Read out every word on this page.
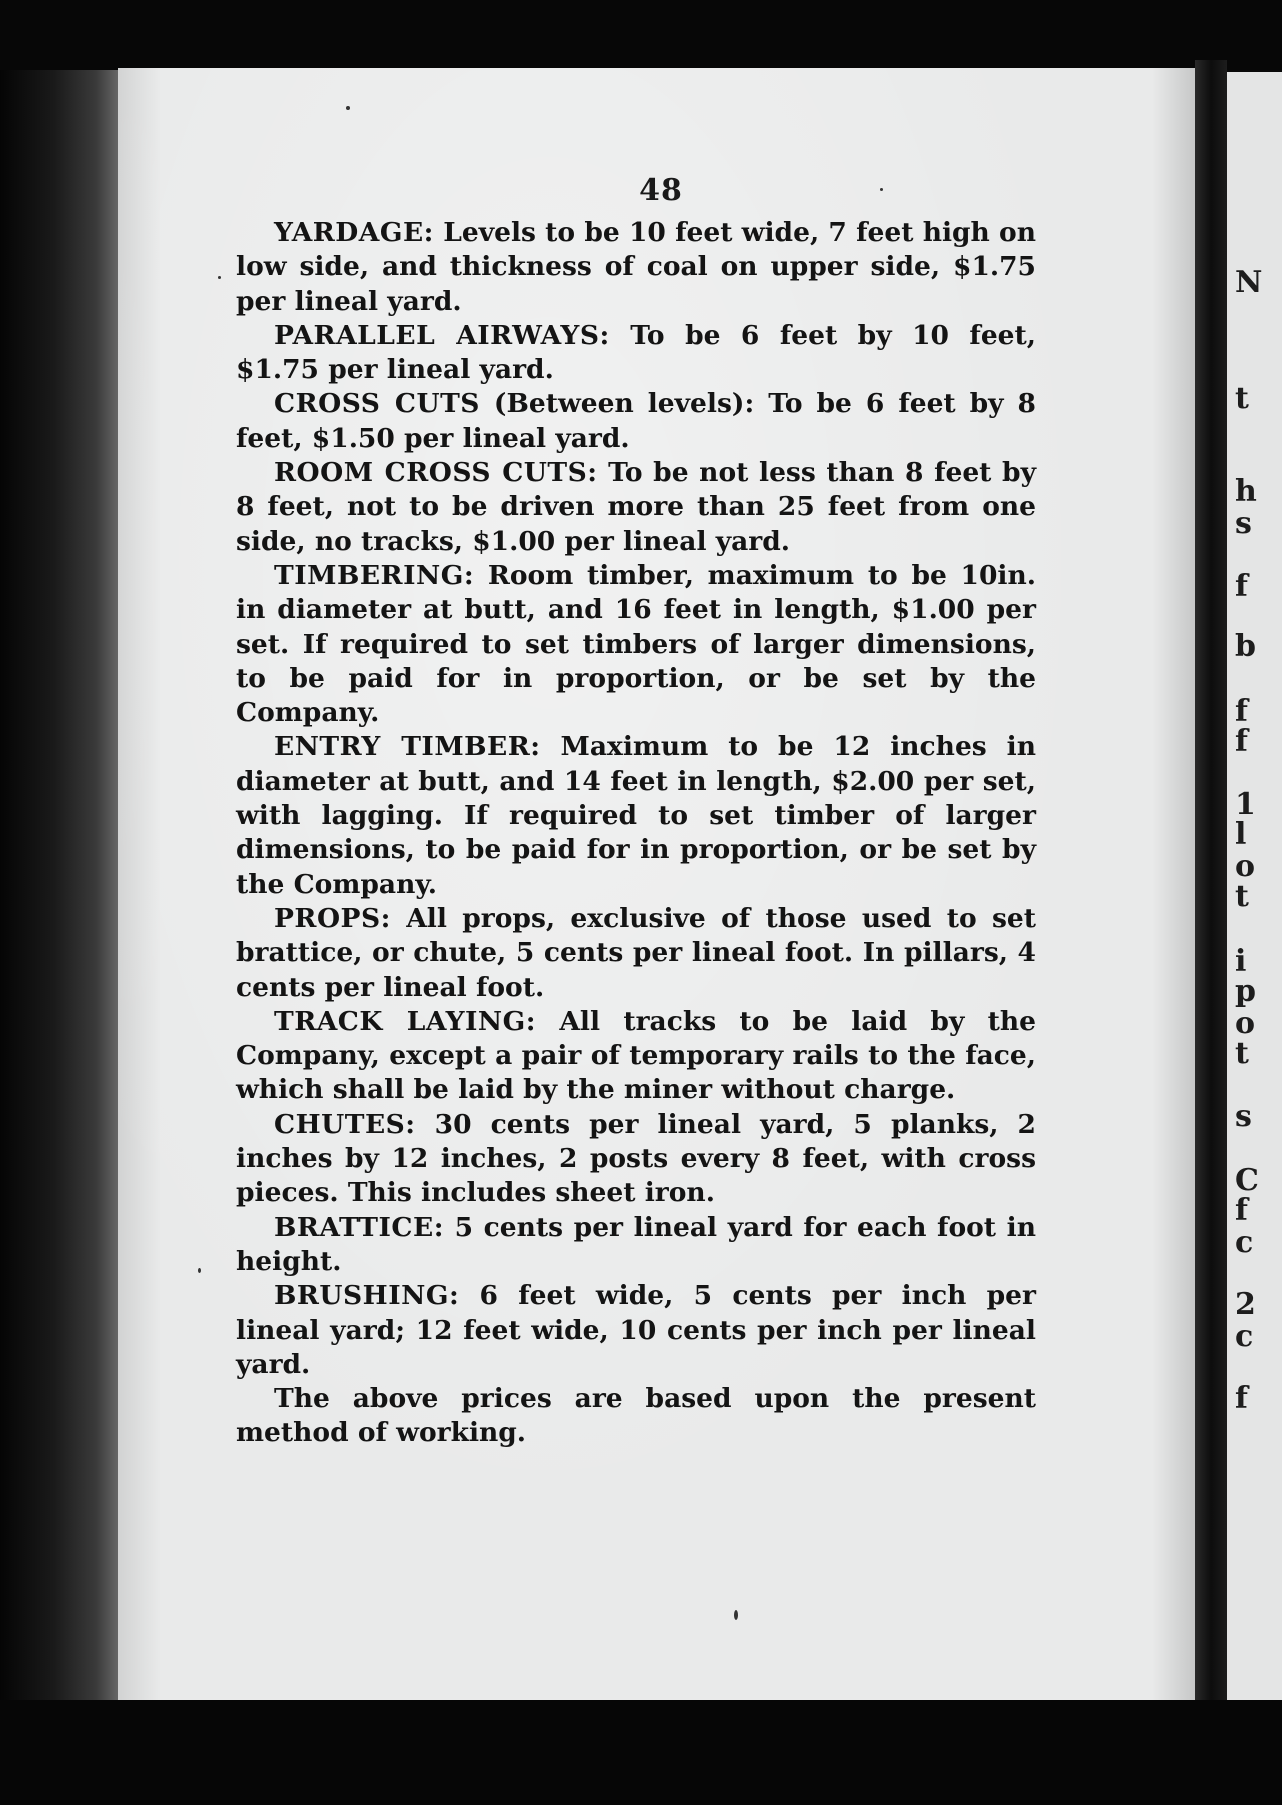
N
t
h
s
f
b
f
f
1
l
o
t
i
p
o
t
s
C
f
c
2
c
f
48

YARDAGE: Levels to be 10 feet wide, 7 feet high on low side, and thickness of coal on upper side, $1.75 per lineal yard.

PARALLEL AIRWAYS: To be 6 feet by 10 feet, $1.75 per lineal yard.

CROSS CUTS (Between levels): To be 6 feet by 8 feet, $1.50 per lineal yard.

ROOM CROSS CUTS: To be not less than 8 feet by 8 feet, not to be driven more than 25 feet from one side, no tracks, $1.00 per lineal yard.

TIMBERING: Room timber, maximum to be 10in. in diameter at butt, and 16 feet in length, $1.00 per set. If required to set timbers of larger dimensions, to be paid for in proportion, or be set by the Company.

ENTRY TIMBER: Maximum to be 12 inches in diameter at butt, and 14 feet in length, $2.00 per set, with lagging. If required to set timber of larger dimensions, to be paid for in proportion, or be set by the Company.

PROPS: All props, exclusive of those used to set brattice, or chute, 5 cents per lineal foot. In pillars, 4 cents per lineal foot.

TRACK LAYING: All tracks to be laid by the Company, except a pair of temporary rails to the face, which shall be laid by the miner without charge.

CHUTES: 30 cents per lineal yard, 5 planks, 2 inches by 12 inches, 2 posts every 8 feet, with cross pieces. This includes sheet iron.

BRATTICE: 5 cents per lineal yard for each foot in height.

BRUSHING: 6 feet wide, 5 cents per inch per lineal yard; 12 feet wide, 10 cents per inch per lineal yard.

The above prices are based upon the present method of working.
